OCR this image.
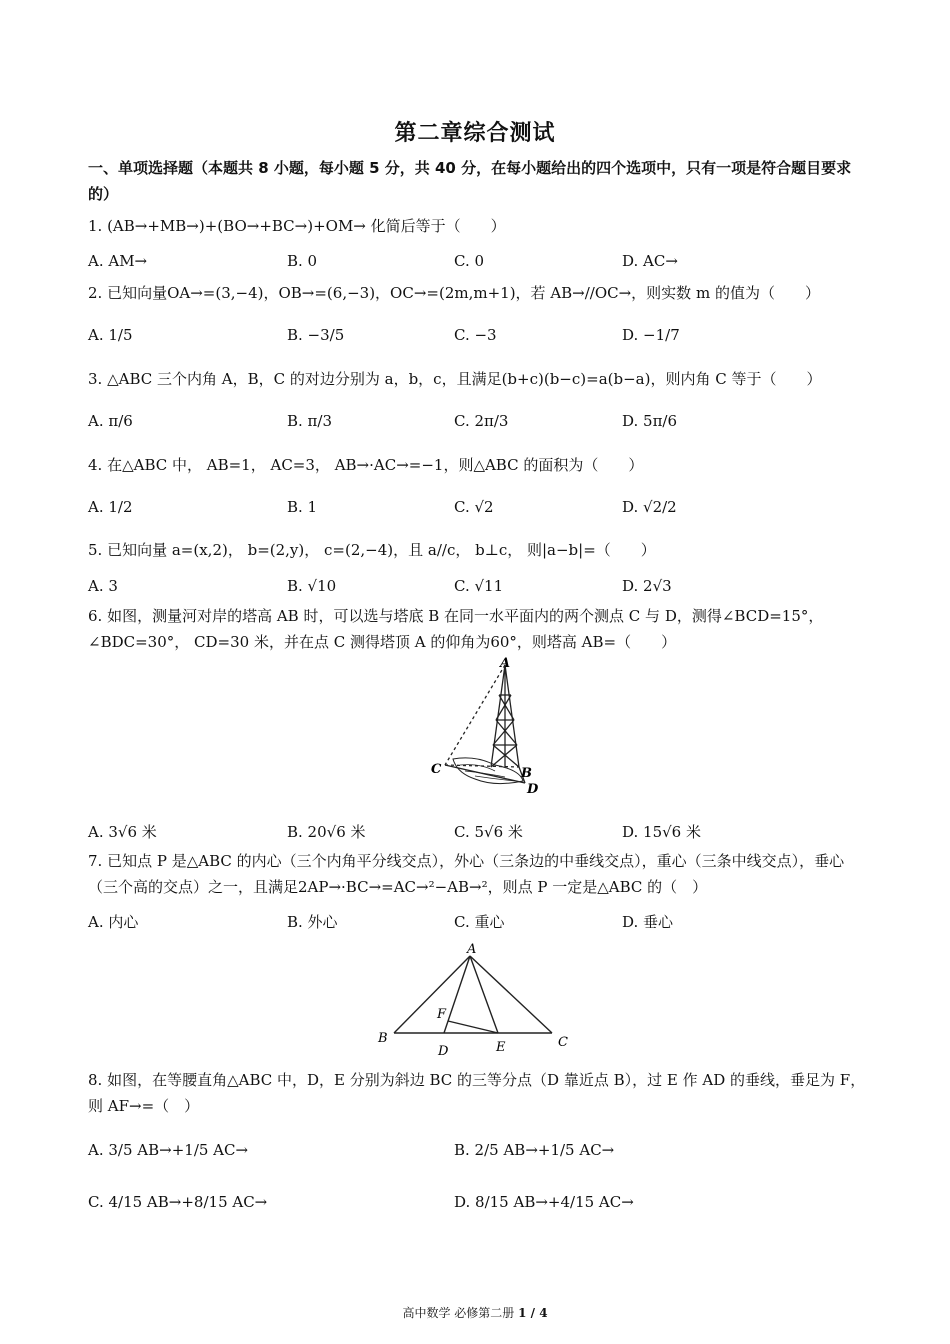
第二章综合测试
一、单项选择题（本题共 8 小题，每小题 5 分，共 40 分，在每小题给出的四个选项中，只有一项是符合题目要求的）
1. (AB→+MB→)+(BO→+BC→)+OM→ 化简后等于（　　）
A. AM→	B. 0	C. 0	D. AC→
2. 已知向量OA→=(3,−4)，OB→=(6,−3)，OC→=(2m,m+1)，若 AB→//OC→，则实数 m 的值为（　　）
A. 1/5	B. −3/5	C. −3	D. −1/7
3. △ABC 三个内角 A，B，C 的对边分别为 a，b，c，且满足(b+c)(b−c)=a(b−a)，则内角 C 等于（　　）
A. π/6	B. π/3	C. 2π/3	D. 5π/6
4. 在△ABC 中， AB=1， AC=3， AB→·AC→=−1，则△ABC 的面积为（　　）
A. 1/2	B. 1	C. √2	D. √2/2
5. 已知向量 a=(x,2)， b=(2,y)， c=(2,−4)，且 a//c， b⊥c， 则|a−b|=（　　）
A. 3	B. √10	C. √11	D. 2√3
6. 如图，测量河对岸的塔高 AB 时，可以选与塔底 B 在同一水平面内的两个测点 C 与 D，测得∠BCD=15°，∠BDC=30°， CD=30 米，并在点 C 测得塔顶 A 的仰角为60°，则塔高 AB=（　　）
A
B
C
D
A. 3√6 米	B. 20√6 米	C. 5√6 米	D. 15√6 米
7. 已知点 P 是△ABC 的内心（三个内角平分线交点），外心（三条边的中垂线交点），重心（三条中线交点），垂心（三个高的交点）之一，且满足2AP→·BC→=AC→²−AB→²，则点 P 一定是△ABC 的（　）
A. 内心	B. 外心	C. 重心	D. 垂心
A
B	C
D	E
F
8. 如图，在等腰直角△ABC 中，D，E 分别为斜边 BC 的三等分点（D 靠近点 B），过 E 作 AD 的垂线，垂足为 F，则 AF→=（　）
A. 3/5 AB→+1/5 AC→	B. 2/5 AB→+1/5 AC→
C. 4/15 AB→+8/15 AC→	D. 8/15 AB→+4/15 AC→
高中数学 必修第二册 1 / 4
